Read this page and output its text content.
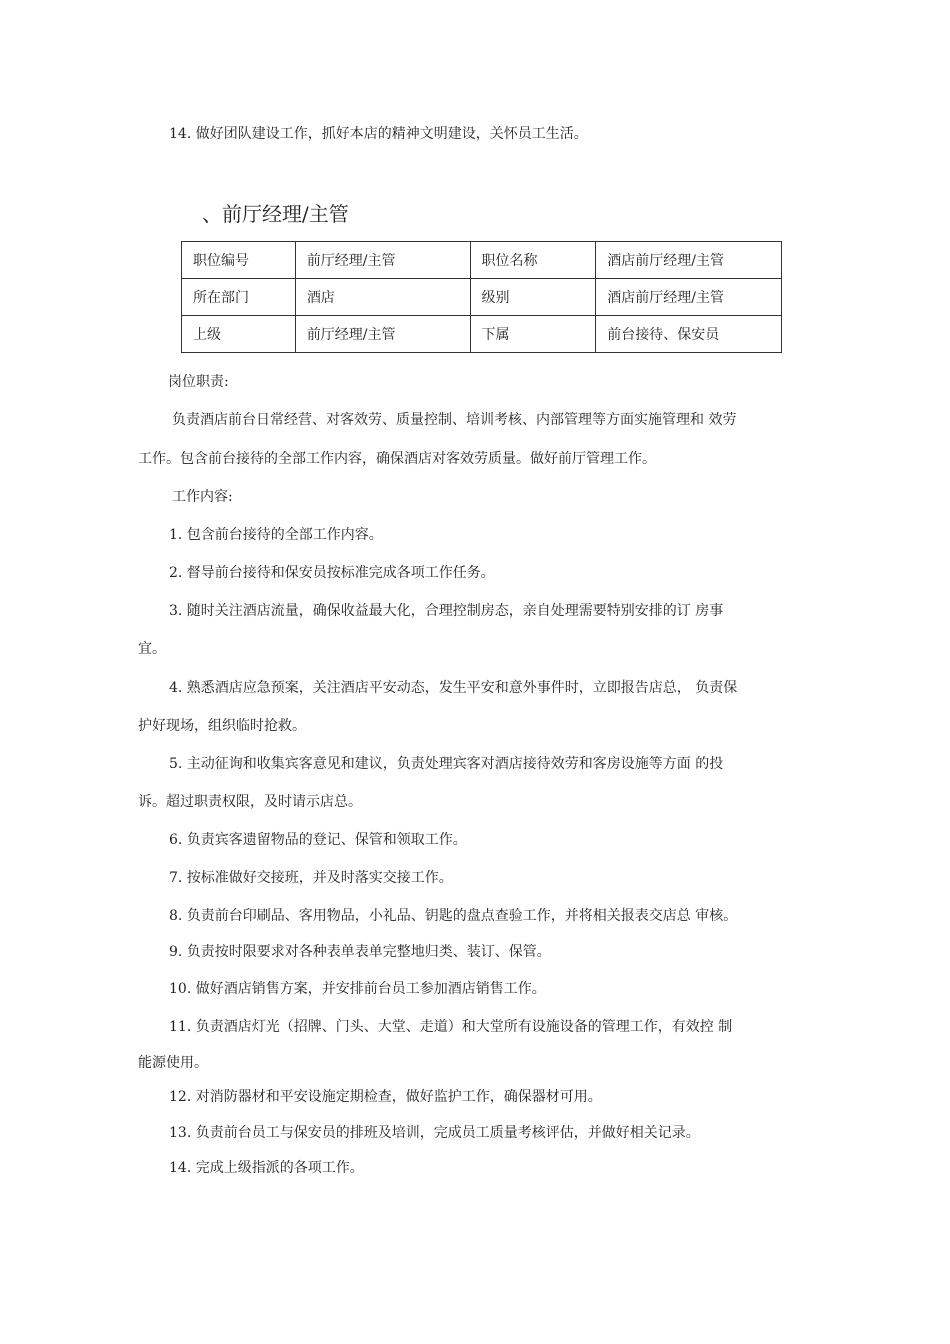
14. 做好团队建设工作，抓好本店的精神文明建设，关怀员工生活。
、前厅经理/主管
职位编号	前厅经理/主管	职位名称	酒店前厅经理/主管
所在部门	酒店	级别	酒店前厅经理/主管
上级	前厅经理/主管	下属	前台接待、保安员
岗位职责:
负责酒店前台日常经营、对客效劳、质量控制、培训考核、内部管理等方面实施管理和 效劳
工作。包含前台接待的全部工作内容，确保酒店对客效劳质量。做好前厅管理工作。
工作内容:
1. 包含前台接待的全部工作内容。
2. 督导前台接待和保安员按标准完成各项工作任务。
3. 随时关注酒店流量，确保收益最大化，合理控制房态，亲自处理需要特别安排的订 房事
宜。
4. 熟悉酒店应急预案，关注酒店平安动态，发生平安和意外事件时，立即报告店总， 负责保
护好现场，组织临时抢救。
5. 主动征询和收集宾客意见和建议，负责处理宾客对酒店接待效劳和客房设施等方面 的投
诉。超过职责权限，及时请示店总。
6. 负责宾客遗留物品的登记、保管和领取工作。
7. 按标准做好交接班，并及时落实交接工作。
8. 负责前台印刷品、客用物品，小礼品、钥匙的盘点查验工作，并将相关报表交店总 审核。
9. 负责按时限要求对各种表单表单完整地归类、装订、保管。
10. 做好酒店销售方案，并安排前台员工参加酒店销售工作。
11. 负责酒店灯光（招牌、门头、大堂、走道）和大堂所有设施设备的管理工作，有效控 制
能源使用。
12. 对消防器材和平安设施定期检查，做好监护工作，确保器材可用。
13. 负责前台员工与保安员的排班及培训，完成员工质量考核评估，并做好相关记录。
14. 完成上级指派的各项工作。
